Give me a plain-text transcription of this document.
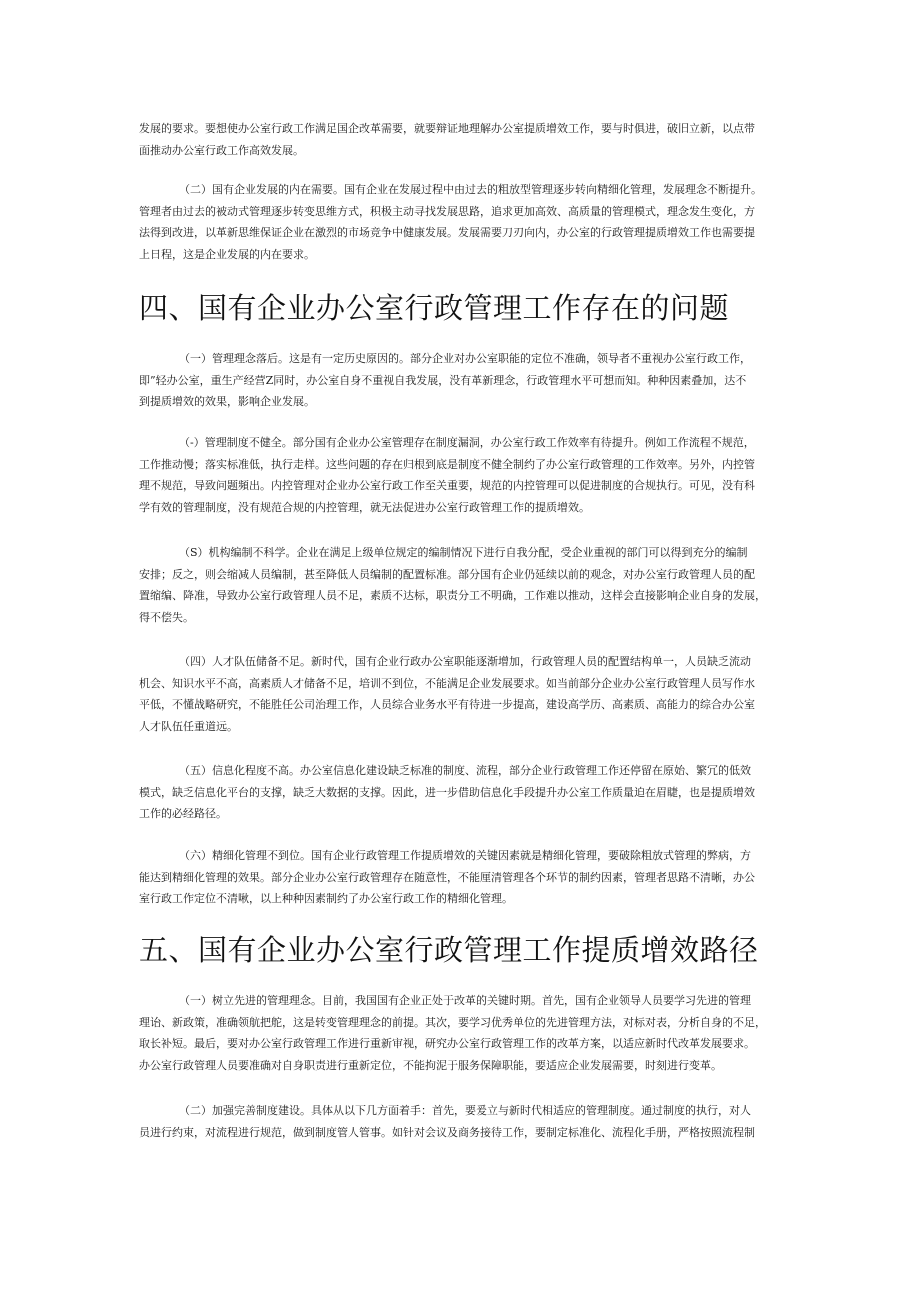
发展的要求。要想使办公室行政工作满足国企改革需要，就要辩证地理解办公室提质增效工作，要与时俱进，破旧立新，以点带
面推动办公室行政工作高效发展。
（二）国有企业发展的内在需要。国有企业在发展过程中由过去的粗放型管理逐步转向精细化管理，发展理念不断提升。
管理者由过去的被动式管理逐步转变思维方式，积极主动寻找发展思路，追求更加高效、高质量的管理模式，理念发生变化，方
法得到改进，以革新思维保证企业在激烈的市场竞争中健康发展。发展需要刀刃向内，办公室的行政管理提质增效工作也需要提
上日程，这是企业发展的内在要求。
四、国有企业办公室行政管理工作存在的问题
（一）管理理念落后。这是有一定历史原因的。部分企业对办公室职能的定位不准确，领导者不重视办公室行政工作，
即”轻办公室，重生产经营Z同时，办公室自身不重视自我发展，没有革新理念，行政管理水平可想而知。种种因素叠加，达不
到提质增效的效果，影响企业发展。
（-）管理制度不健全。部分国有企业办公室管理存在制度漏洞，办公室行政工作效率有待提升。例如工作流程不规范，
工作推动慢；落实标准低，执行走样。这些问题的存在归根到底是制度不健全制约了办公室行政管理的工作效率。另外，内控管
理不规范，导致问题頻出。内控管理对企业办公室行政工作至关重要，规范的内控管理可以促进制度的合规执行。可见，没有科
学有效的管理制度，没有规范合规的内控管理，就无法促进办公室行政管理工作的提质增效。
（S）机构编制不科学。企业在满足上级单位规定的编制情况下进行自我分配，受企业重视的部门可以得到充分的编制
安排；反之，则会缩减人员编制，甚至降低人员编制的配置标准。部分国有企业仍延续以前的观念，对办公室行政管理人员的配
置缩编、降准，导致办公室行政管理人员不足，素质不达标，职责分工不明确，工作难以推动，这样会直接影响企业自身的发展，
得不偿失。
（四）人才队伍储备不足。新时代，国有企业行政办公室职能逐渐增加，行政管理人员的配置结构单一，人员缺乏流动
机会、知识水平不高，高素质人才储备不足，培训不到位，不能满足企业发展要求。如当前部分企业办公室行政管理人员写作水
平低，不懂战略研究，不能胜任公司治理工作，人员综合业务水平有待进一步提高，建设高学历、高素质、高能力的综合办公室
人才队伍任重道远。
（五）信息化程度不高。办公室信息化建设缺乏标准的制度、流程，部分企业行政管理工作还停留在原始、繁冗的低效
模式，缺乏信息化平台的支撑，缺乏大数据的支撑。因此，进一步借助信息化手段提升办公室工作质量迫在眉睫，也是提质增效
工作的必经路径。
（六）精细化管理不到位。国有企业行政管理工作提质增效的关键因素就是精细化管理，要破除粗放式管理的弊病，方
能达到精细化管理的效果。部分企业办公室行政管理存在随意性，不能厘清管理各个环节的制约因素，管理者思路不清晰，办公
室行政工作定位不清啾，以上种种因素制约了办公室行政工作的精细化管理。
五、国有企业办公室行政管理工作提质增效路径
（一）树立先进的管理理念。目前，我国国有企业正处于改革的关键时期。首先，国有企业领导人员要学习先进的管理
理诒、新政策，准确领航把舵，这是转变管理理念的前提。其次，要学习优秀单位的先进管理方法，对标对表，分析自身的不足，
取长补短。最后，要对办公室行政管理工作进行重新审视，研究办公室行政管理工作的改革方案，以适应新时代改革发展要求。
办公室行政管理人员要准确对自身职责进行重新定位，不能拘泥于服务保障职能，要适应企业发展需要，时刻进行变革。
（二）加强完善制度建设。具体从以下几方面着手：首先，要爰立与新时代相适应的管理制度。通过制度的执行，对人
员进行约束，对流程进行规范，做到制度管人管事。如针对会议及商务接待工作，要制定标准化、流程化手册，严格按照流程制
